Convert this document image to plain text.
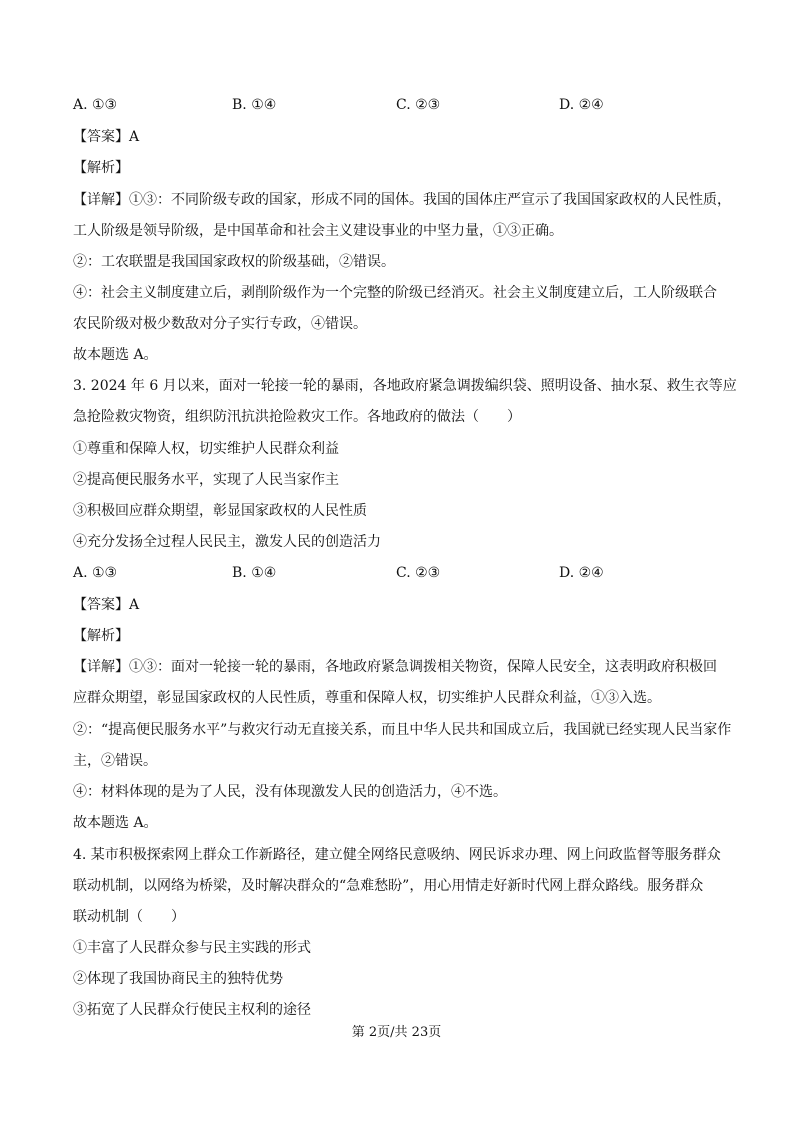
A. ①③	B. ①④	C. ②③	D. ②④
【答案】A
【解析】
【详解】①③：不同阶级专政的国家，形成不同的国体。我国的国体庄严宣示了我国国家政权的人民性质，
工人阶级是领导阶级，是中国革命和社会主义建设事业的中坚力量，①③正确。
②：工农联盟是我国国家政权的阶级基础，②错误。
④：社会主义制度建立后，剥削阶级作为一个完整的阶级已经消灭。社会主义制度建立后，工人阶级联合
农民阶级对极少数敌对分子实行专政，④错误。
故本题选 A。
3. 2024 年 6 月以来，面对一轮接一轮的暴雨，各地政府紧急调拨编织袋、照明设备、抽水泵、救生衣等应
急抢险救灾物资，组织防汛抗洪抢险救灾工作。各地政府的做法（　　）
①尊重和保障人权，切实维护人民群众利益
②提高便民服务水平，实现了人民当家作主
③积极回应群众期望，彰显国家政权的人民性质
④充分发扬全过程人民民主，激发人民的创造活力
A. ①③	B. ①④	C. ②③	D. ②④
【答案】A
【解析】
【详解】①③：面对一轮接一轮的暴雨，各地政府紧急调拨相关物资，保障人民安全，这表明政府积极回
应群众期望，彰显国家政权的人民性质，尊重和保障人权，切实维护人民群众利益，①③入选。
②：“提高便民服务水平”与救灾行动无直接关系，而且中华人民共和国成立后，我国就已经实现人民当家作
主，②错误。
④：材料体现的是为了人民，没有体现激发人民的创造活力，④不选。
故本题选 A。
4. 某市积极探索网上群众工作新路径，建立健全网络民意吸纳、网民诉求办理、网上问政监督等服务群众
联动机制，以网络为桥梁，及时解决群众的“急难愁盼”，用心用情走好新时代网上群众路线。服务群众
联动机制（　　）
①丰富了人民群众参与民主实践的形式
②体现了我国协商民主的独特优势
③拓宽了人民群众行使民主权利的途径
第 2页/共 23页
